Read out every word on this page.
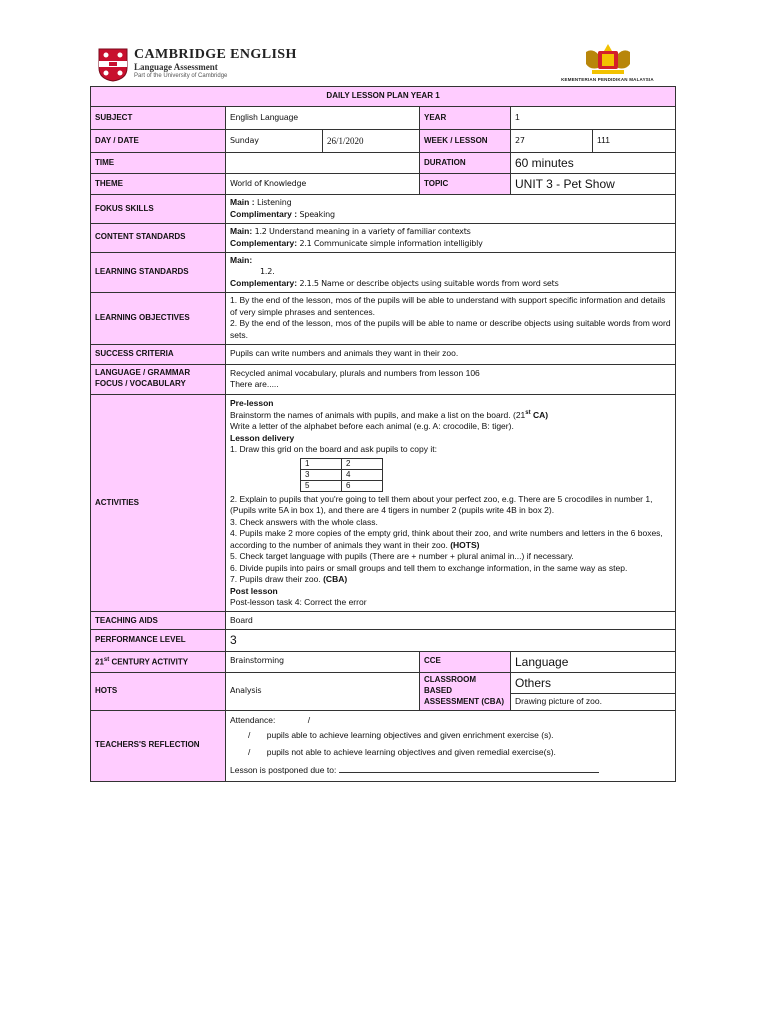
CAMBRIDGE ENGLISH
Language Assessment
Part of the University of Cambridge
KEMENTERIAN PENDIDIKAN MALAYSIA
DAILY LESSON PLAN YEAR 1
SUBJECT	English Language	YEAR	1
DAY / DATE	Sunday	26/1/2020	WEEK / LESSON	27	111
TIME		DURATION	60 minutes
THEME	World of Knowledge	TOPIC	UNIT 3 - Pet Show
FOKUS SKILLS	Main : Listening
Complimentary : Speaking
CONTENT STANDARDS	Main: 1.2 Understand meaning in a variety of familiar contexts
Complementary: 2.1 Communicate simple information intelligibly
LEARNING STANDARDS	Main:
1.2.
Complementary: 2.1.5 Name or describe objects using suitable words from word sets
LEARNING OBJECTIVES	1. By the end of the lesson, mos of the pupils will be able to understand with support specific information and details of very simple phrases and sentences.
2. By the end of the lesson, mos of the pupils will be able to name or describe objects using suitable words from word sets.
SUCCESS CRITERIA	Pupils can write numbers and animals they want in their zoo.
LANGUAGE / GRAMMAR
FOCUS / VOCABULARY	Recycled animal vocabulary, plurals and numbers from lesson 106
There are.....
ACTIVITIES	Pre-lesson
Brainstorm the names of animals with pupils, and make a list on the board. (21st CA)
Write a letter of the alphabet before each animal (e.g. A: crocodile, B: tiger).
Lesson delivery
1. Draw this grid on the board and ask pupils to copy it:
1	2
3	4
5	6
2. Explain to pupils that you're going to tell them about your perfect zoo, e.g. There are 5 crocodiles in number 1, (Pupils write 5A in box 1), and there are 4 tigers in number 2 (pupils write 4B in box 2).
3. Check answers with the whole class.
4. Pupils make 2 more copies of the empty grid, think about their zoo, and write numbers and letters in the 6 boxes, according to the number of animals they want in their zoo. (HOTS)
5. Check target language with pupils (There are + number + plural animal in...) if necessary.
6. Divide pupils into pairs or small groups and tell them to exchange information, in the same way as step.
7. Pupils draw their zoo. (CBA)
Post lesson
Post-lesson task 4: Correct the error
TEACHING AIDS	Board
PERFORMANCE LEVEL	3
21st CENTURY ACTIVITY	Brainstorming	CCE	Language
HOTS	Analysis	CLASSROOM BASED ASSESSMENT (CBA)	Others
Drawing picture of zoo.
TEACHERS'S REFLECTION	
Attendance:	/
/ pupils able to achieve learning objectives and given enrichment exercise (s).
/ pupils not able to achieve learning objectives and given remedial exercise(s).
Lesson is postponed due to:
